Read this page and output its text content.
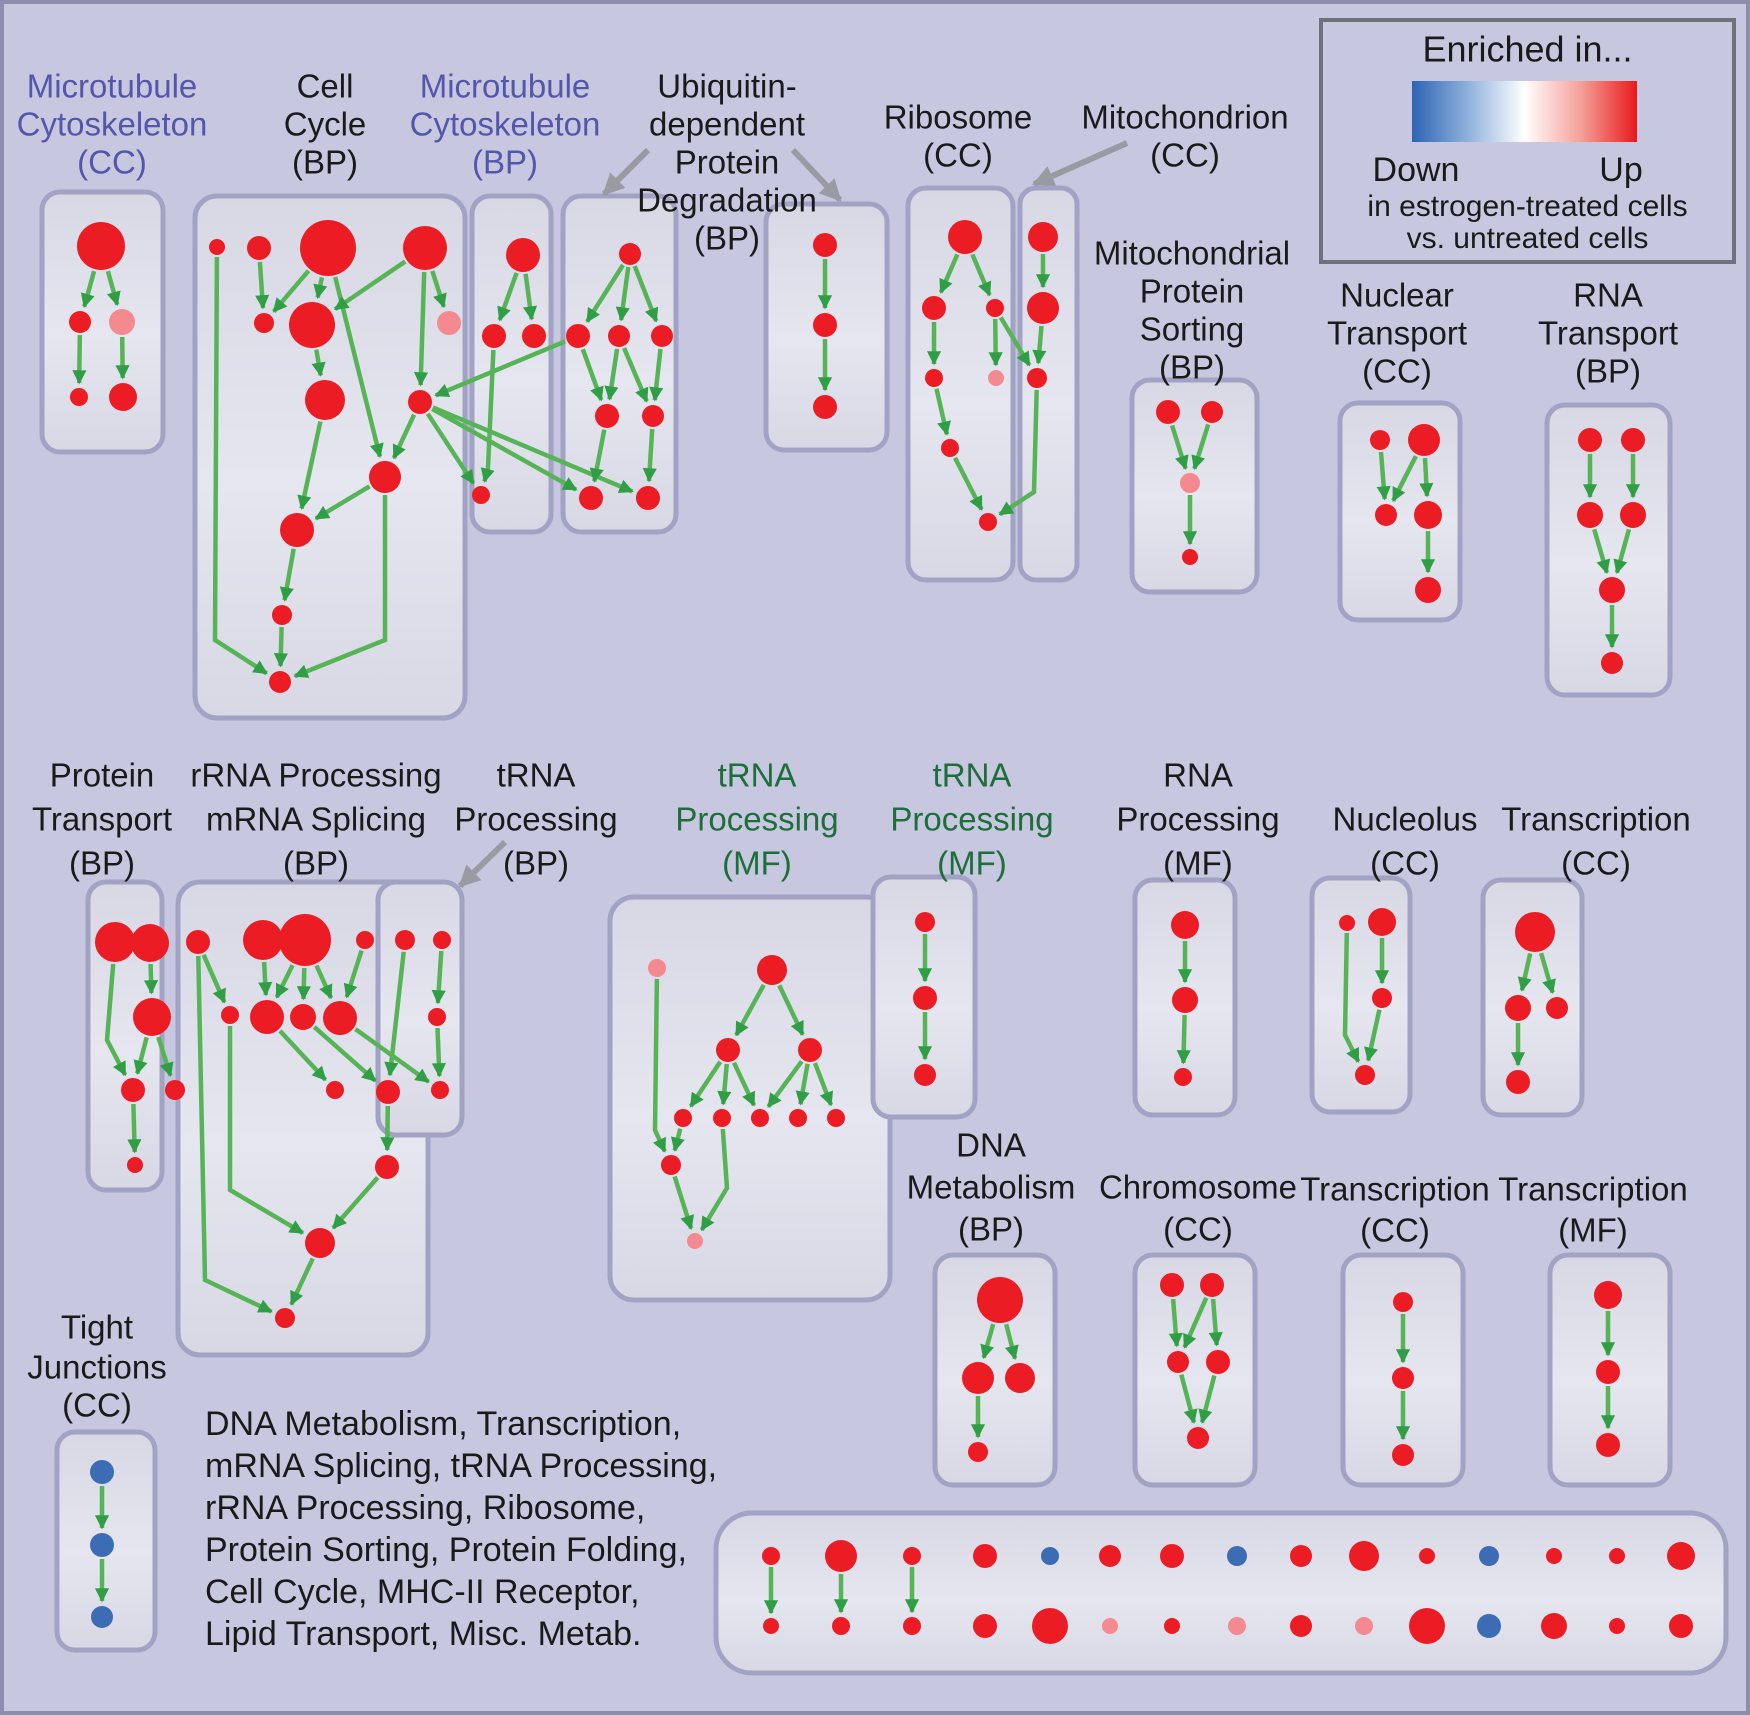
Microtubule
Cytoskeleton
(CC)
Cell
Cycle
(BP)
Microtubule
Cytoskeleton
(BP)
Ubiquitin-
dependent
Protein
Degradation
(BP)
Ribosome
(CC)
Mitochondrion
(CC)
Mitochondrial
Protein
Sorting
(BP)
Nuclear
Transport
(CC)
RNA
Transport
(BP)
Protein
Transport
(BP)
rRNA Processing
mRNA Splicing
(BP)
tRNA
Processing
(BP)
tRNA
Processing
(MF)
tRNA
Processing
(MF)
RNA
Processing
(MF)
Nucleolus
(CC)
Transcription
(CC)
DNA
Metabolism
(BP)
Chromosome
(CC)
Transcription
(CC)
Transcription
(MF)
Tight
Junctions
(CC)
Enriched in...
Down	Up
in estrogen-treated cells
vs. untreated cells
DNA Metabolism, Transcription,
mRNA Splicing, tRNA Processing,
rRNA Processing, Ribosome,
Protein Sorting, Protein Folding,
Cell Cycle, MHC-II Receptor,
Lipid Transport, Misc. Metab.
